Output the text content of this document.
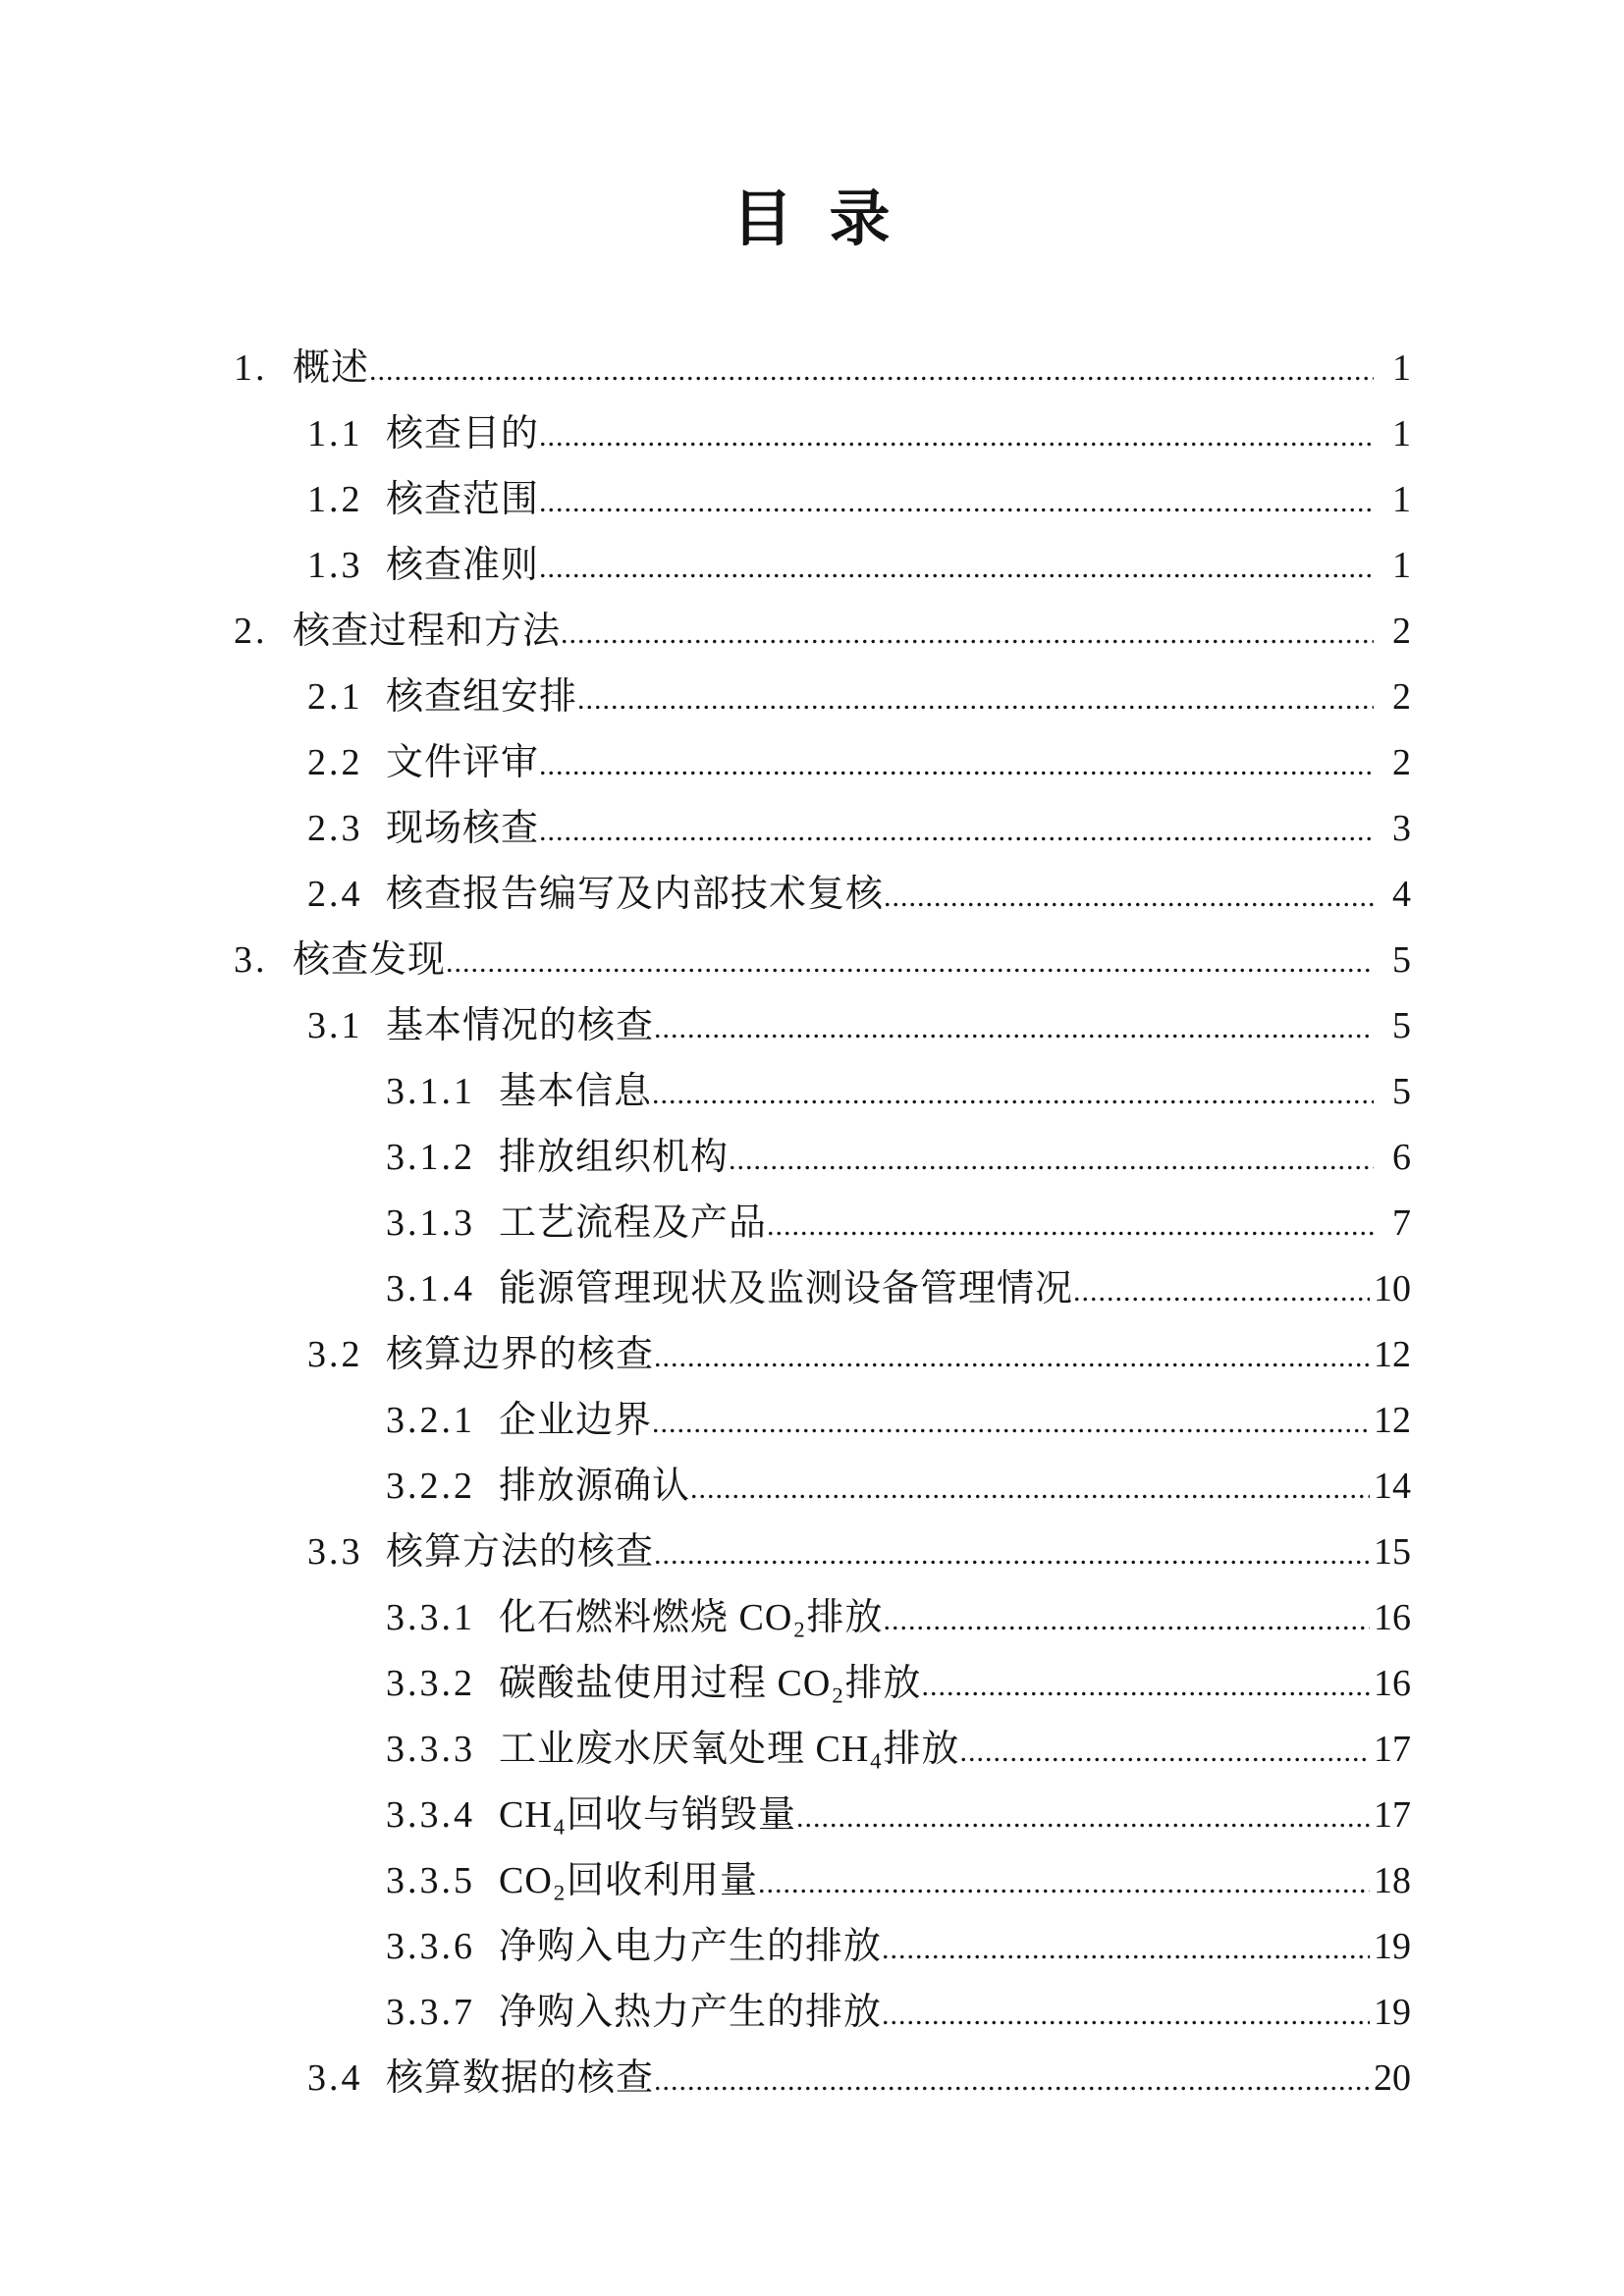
目  录
1. 概述 .....	1
1.1 核查目的 .....	1
1.2 核查范围 .....	1
1.3 核查准则 .....	1
2. 核查过程和方法 .....	2
2.1 核查组安排 .....	2
2.2 文件评审 .....	2
2.3 现场核查 .....	3
2.4 核查报告编写及内部技术复核 .....	4
3. 核查发现 .....	5
3.1 基本情况的核查 .....	5
3.1.1 基本信息 .....	5
3.1.2 排放组织机构 .....	6
3.1.3 工艺流程及产品 .....	7
3.1.4 能源管理现状及监测设备管理情况 .....	10
3.2 核算边界的核查 .....	12
3.2.1 企业边界 .....	12
3.2.2 排放源确认 .....	14
3.3 核算方法的核查 .....	15
3.3.1 化石燃料燃烧 CO₂排放 .....	16
3.3.2 碳酸盐使用过程 CO₂排放 .....	16
3.3.3 工业废水厌氧处理 CH₄排放 .....	17
3.3.4 CH₄回收与销毁量 .....	17
3.3.5 CO₂回收利用量 .....	18
3.3.6 净购入电力产生的排放 .....	19
3.3.7 净购入热力产生的排放 .....	19
3.4 核算数据的核查 .....	20
